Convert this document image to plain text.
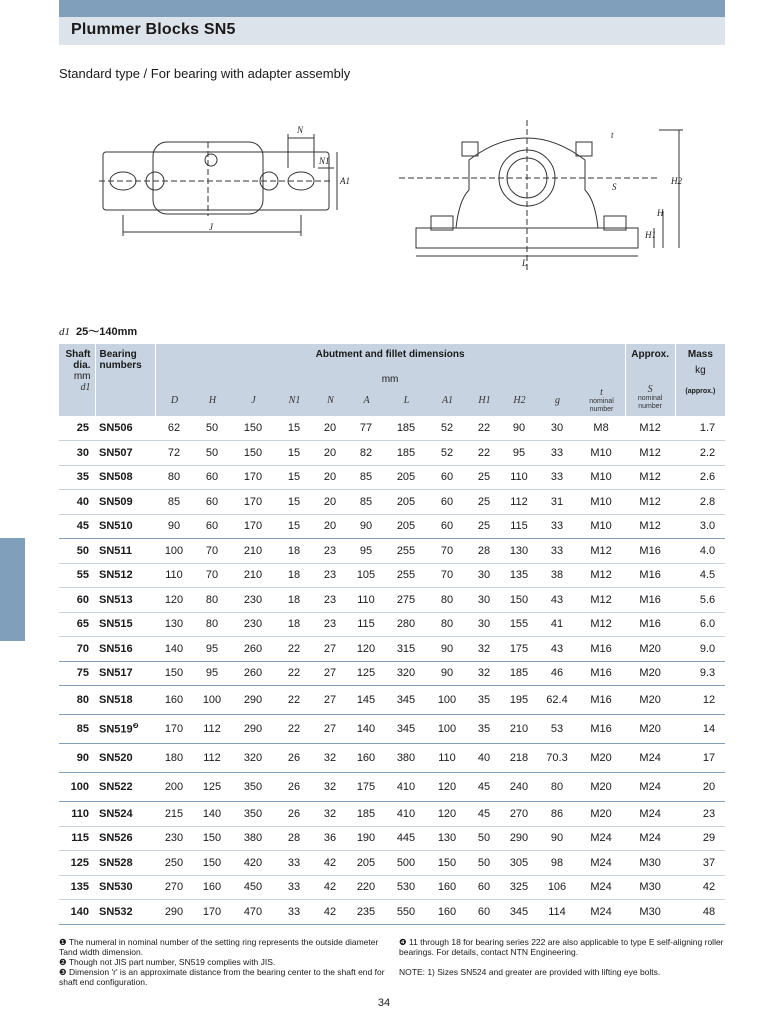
Plummer Blocks SN5
Standard type / For bearing with adapter assembly
N
N1
A1
J
t
S
H2
H
H1
L
d1 25～140mm
Shaft
dia.
mm
d1

Bearing
numbers

Abutment and fillet dimensions
mm
D	H	J	N1	N	A	L	A1	H1	H2	g	
t
nominal
number

Approx.
S
nominal
number

Mass
kg
(approx.)

25	SN506	62	50	150	15	20	77	185	52	22	90	30	M8	M12	1.7
30	SN507	72	50	150	15	20	82	185	52	22	95	33	M10	M12	2.2
35	SN508	80	60	170	15	20	85	205	60	25	110	33	M10	M12	2.6
40	SN509	85	60	170	15	20	85	205	60	25	112	31	M10	M12	2.8
45	SN510	90	60	170	15	20	90	205	60	25	115	33	M10	M12	3.0
50	SN511	100	70	210	18	23	95	255	70	28	130	33	M12	M16	4.0
55	SN512	110	70	210	18	23	105	255	70	30	135	38	M12	M16	4.5
60	SN513	120	80	230	18	23	110	275	80	30	150	43	M12	M16	5.6
65	SN515	130	80	230	18	23	115	280	80	30	155	41	M12	M16	6.0
70	SN516	140	95	260	22	27	120	315	90	32	175	43	M16	M20	9.0
75	SN517	150	95	260	22	27	125	320	90	32	185	46	M16	M20	9.3
80	SN518	160	100	290	22	27	145	345	100	35	195	62.4	M16	M20	12
85	$SN519^❷$	170	112	290	22	27	140	345	100	35	210	53	M16	M20	14
90	SN520	180	112	320	26	32	160	380	110	40	218	70.3	M20	M24	17
100	SN522	200	125	350	26	32	175	410	120	45	240	80	M20	M24	20
110	SN524	215	140	350	26	32	185	410	120	45	270	86	M20	M24	23
115	SN526	230	150	380	28	36	190	445	130	50	290	90	M24	M24	29
125	SN528	250	150	420	33	42	205	500	150	50	305	98	M24	M30	37
135	SN530	270	160	450	33	42	220	530	160	60	325	106	M24	M30	42
140	SN532	290	170	470	33	42	235	550	160	60	345	114	M24	M30	48
❶ The numeral in nominal number of the setting ring represents the outside diameter Tand width dimension.
❷ Though not JIS part number, SN519 complies with JIS.
❸ Dimension 'r' is an approximate distance from the bearing center to the shaft end for shaft end configuration.
❹ 11 through 18 for bearing series 222 are also applicable to type E self-aligning roller bearings. For details, contact NTN Engineering.
NOTE: 1) Sizes SN524 and greater are provided with lifting eye bolts.
34
